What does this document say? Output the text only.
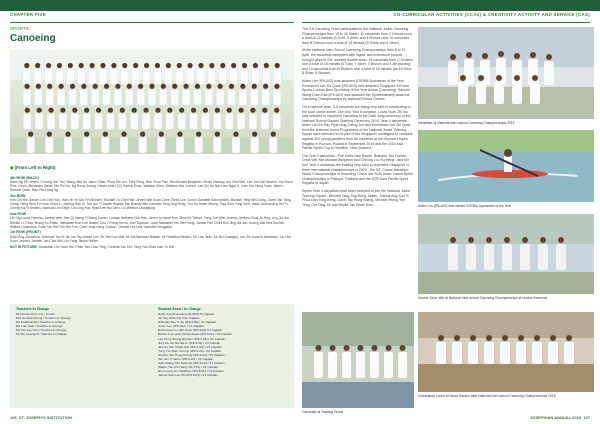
CHAPTER FIVE	CO-CURRICULAR ACTIVITIES (CCAs) & CREATIVITY ACTIVITY AND SERVICE (CAS)
SPORTS
Canoeing
◆ (From Left to Right)
4th ROW (BACK)
Edan Ng Pit Lemon, Choong Jun Yao, Wang Jian Hu Jason Zhao, Phua Shi Jun, Toby Phng, Ren Chun Pan, Tan Michael Benjamin, Ethan Zachary Lim Zha Rich, Lim Jun Hui Henrich, Yue Hoon Pine, Kevin, Alexander Sarah Tan Phi Hu, Ng Hong Guang, Harvin Amir (1/2) Danvic Evan, Wallace Chen, Sheldon Yea Yuchen, Lee Zhi Jin Nile Lam Ngai Yi, Cain Yeo Hong Yuan, Jiamin, Samuel Quan, Bao Yen Hong Ng
3rd ROW
Kim Chi Yee Jianan, Lim Chin Yan, Han Yin Ye Tan Yin Michael, Michael Yu Chin Han, Jerrel Hiah Kuan Chee, Reed Lee, Gornn Gandeth Karunanidhi, Michael Yeng Wei Liang, Gwen Tan Yang Xiang, Heng Wen Fu Hoon Shun Li, Jiatong Han Xi, Tan Jun Yi Jawen Wijaya, Tan Brandi Hian Germain Teng Jing Rong, Tuo Hu Hwan Sheng, Paul Sum Yung Sern, Isaac Joshua Ang Hui Yi, Cheng Kai Yi Keaten, Samtuel Lim Shijie, Lim Ling Hao Ryan Lee Hui Sern, Liu Weston Changfung
2nd ROW
Lim Ng Lucas Herman, Jardan Wee Jian Qi, Wang Yi Siang Lucien, Lochan Bethany Huk Han, Javin Ho Hwee Kim, Siew Kit Tiehuo, Yang Tze Wen Jeremy, Gerben Chua Ze Ryq, Jing Jia Jun Benkie Li, Chee Shang Ko Ethan, Nathaniel Kinn Lee Wazer, Chu Yi Hong Kevin, Joel Toyoboe, Luke Nathaniel Yeo Wei Hong, Jordan Pan Chiek Kid, Jing Jia Jun, Kuang Wai Hua Dechen, Wilfred Limandmo, Evan Tan Wei Toh Rer Fun, Chen Jeng Heng Cusson, Christel Hui Lew, Vyendiel Vengyaba
1st ROW (FRONT)
Ryan Ang Zhenzhuo, Nicholas Tan Yi Jia, Ian Tay Jiesen Lee, Mr Tan Guo Wai, Mr Sai Baniwan Basani, Mr Hamilton Hendro, Mr Low Jean, Mr Wu Guangrui, Lau Zhi Liuan lo Amanuen, Lio Hon Kuan Leuseri, Jarmen Jan Chiu Wui, Lin Yang Jiayon Mallen
NOT IN PICTURE: Sebastian Lim Yuan Hui, Peter Tan Chan Ting, Christian Ian Lim, Tang Yuk Zhan Lam Yu Wei
Teachers in Charge
Mr Foong Chun Jun / Coach
Mrs Jessica Hoong / Teacher-in-Charge
Ms Nadhiyanah / Teacher-in-Charge
Ms Low Jean / Teacher-in-Charge
Ms Tan Lay Hon / Teacher-in-Charge
Mr Wu Guangrui / Teacher-in-Charge
Student Exco / In-Charge
Ryan Ang Zhenxiang (4L3WN-5) Captain
Ian Tay (4S5-1A) Vice Captain
Nicholas Tan Yi Jia (IP6.3.82) / V1 Captain
Aston Lee (IP6.4A2) / V1 Captain
Emmanuel Lim Zhi Quan (IP6.4A2) V4 Captain
Harvin Amir (1/2) Danvic Evan (IP6.3.22) / V3 Captain
Lau Hong Sheng Reuben (IP6.3.22) / V1 Captain
Jing Jia Jun Benkie Li (IP6.6.22) / V4 Captain
Jarmen Tan Chiao Wei (IP6.3.A2) / V1 Captain
Yong Tze Wen Jeremy (IP6.6.22) / V2 Captain
Gordon Tan Hong Kheng (IP6.6.22) / V4 Captain
Tan Jun Yi Jaren (IP6.6.22) / V2 Captain
Zeth Zhang Yan Rasmun (IP6.6.22) / V1 Captain
Wallen Tan Chi Hang (L6.3.51) / V2 Captain
Erin Lueng Lim Matthias (IP6.5.51) / V1 Captain
Jarmel Siah Lee Zhi (IP6.6.61) / V1 Captain

The SJI Canoeing Team participated in the National Junior Canoeing Championships from 15 to 18 March. 11 canoeists from C Division won a total of 12 medals (5 Gold, 5 Silver and 4 Bronze) and 10 canoeists from B Division won a total of 14 Medals (5 Golds and 4 Silver).

At the National Inter-School Canoeing Championships from 8 to 13 April, the canoeists competed with vigour and endurance proudly brought glory to SJI, winning double silver. 14 canoeists from C Division won a total of 18 medals (6 Gold, 7 Silver, 3 Bronze and 4 4th placing) and 10 canoeists from B Division won a total of 18 medals (as 16 Gold, 8 Silver, 8 Bronze).

Aiden Lim (IP6.A02) was awarded SJIOBA Sportsman of the Year. Emmanuel Lim Zhi Quan (IP6.M13) was awarded Singapore Schools Sports Council Best Sportsboy of the Year Award (Canoeing). Samuel Wong Chun Kiat (IP6.A02) was awarded the Sportsmanship Award at Canoeing Championships by National School Games.

On a national level, SJI canoeists are doing very well in contributing to the local canoe scene. Our only Year 6 canoeist, Lucas Yuan Zhi Xiu was selected to represent Canoeing at the Dath Jong ceremony of the National School Games Opening Ceremony 2019. Year 4 canoeists Aiden Lim Ee Tan, Ryan Ang Zheng Jun and Emmanuel Lim Zhi Quan from the National Junior Programme of the National Junior Training Squad were selected to be part of the Singapore contingent to compete against 900 young paddlers from 50 countries at the Olympic Hopes Regatta in Poznan, Poland in September 2019 and the 2019 Asia Pacific Sprint Cup in Hamilton, New Zealand.

Our Year 4 canoeists - Pee Kwee Hee Raven, Brandon Tan Yuchen, Chua Wei Yan Michael Benjamin and Cheung Luo Ka Heng - and the four Year 4 canoeists are training very hard to represent Singapore in three international championships in 2020 - the ICF Canoe Marathon World Championships in Shaoxing, China, the 2020 Asian Canoe Sprint Championships in Pattaya, Thailand and the 2020 Asia Pacific Sprint Regatta in Japan.

Seven Year 4 canoeists have been selected to join the National Junior Training Squad - Bennett Tang Jing Rung, Nolan, Joshua Ang Xun Yi, Phua Dan Yong Keng, Gavin Tay Hong Sheng, Michael Yeong Yue Teng, Lim Ding Jie and Reyes Tan Kwan Sian.

Medallists of National Inter-school Canoeing Championships 2019
Aiden Lim (IP6.A02) was named SJIOBA Sportsman of the Year
Double Silver Win at National Inter-school Canoeing Championships at Marina Reservoir
Canoeists at Training Venue
Celebratory Lunch at Seoul Garden after National Inter-school Canoeing Championships 2019
106 ST. JOSEPH'S INSTITUTION	JOSEPHIAN ANNUAL 2019 107
